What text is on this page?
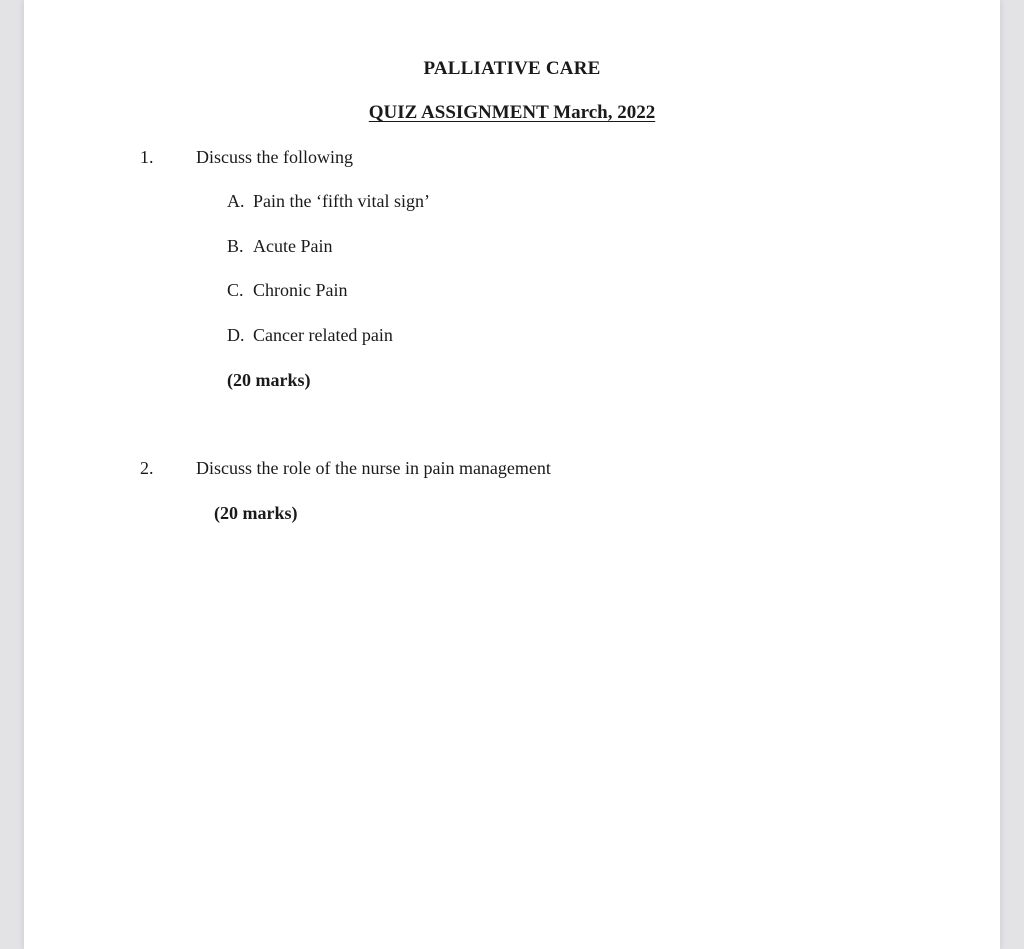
PALLIATIVE CARE
QUIZ ASSIGNMENT March, 2022
1. Discuss the following
A. Pain the ‘fifth vital sign’
B. Acute Pain
C. Chronic Pain
D. Cancer related pain
(20 marks)
2. Discuss the role of the nurse in pain management
(20 marks)
